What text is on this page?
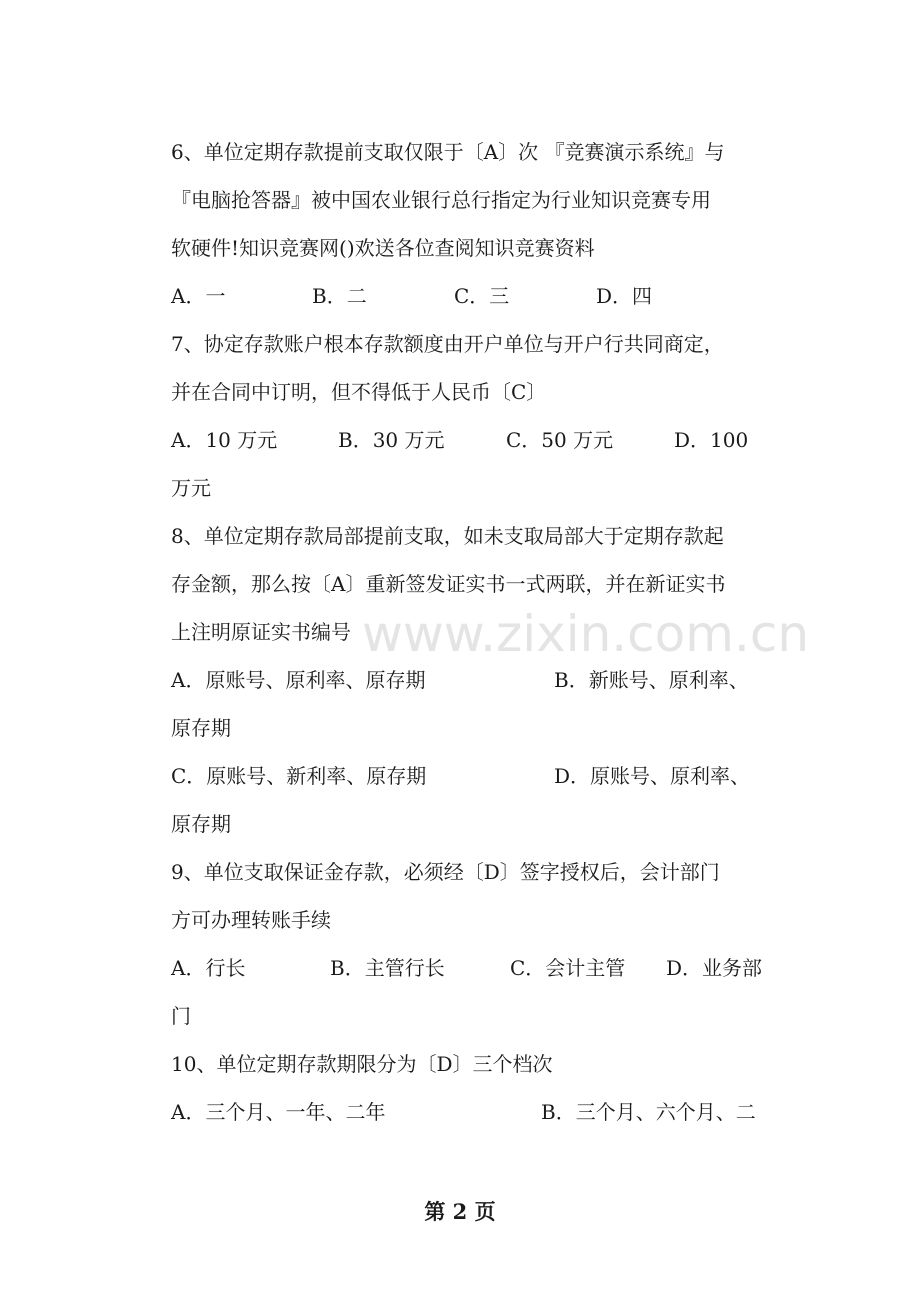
6、单位定期存款提前支取仅限于〔A〕次 『竞赛演示系统』与
『电脑抢答器』被中国农业银行总行指定为行业知识竞赛专用
软硬件!知识竞赛网()欢送各位查阅知识竞赛资料
A．一	B．二	C．三	D．四
7、协定存款账户根本存款额度由开户单位与开户行共同商定，
并在合同中订明，但不得低于人民币〔C〕
A．10 万元	B．30 万元	C．50 万元	D．100
万元
8、单位定期存款局部提前支取，如未支取局部大于定期存款起
存金额，那么按〔A〕重新签发证实书一式两联，并在新证实书
上注明原证实书编号
A．原账号、原利率、原存期	B．新账号、原利率、
原存期
C．原账号、新利率、原存期	D．原账号、原利率、
原存期
9、单位支取保证金存款，必须经〔D〕签字授权后，会计部门
方可办理转账手续
A．行长	B．主管行长	C．会计主管 D．业务部
门
10、单位定期存款期限分为〔D〕三个档次
A．三个月、一年、二年	B．三个月、六个月、二
www.zixin.com.cn
第 2 页
